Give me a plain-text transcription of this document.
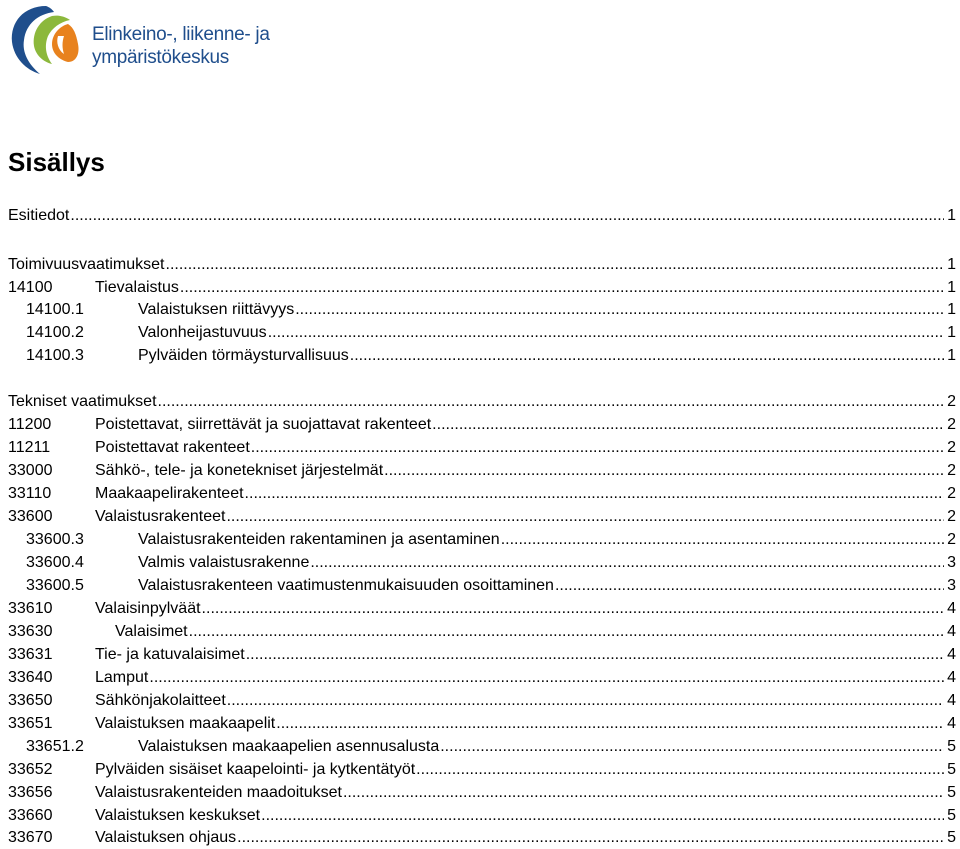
Elinkeino-, liikenne- ja
ympäristökeskus
Sisällys
Esitiedot .....	1
Toimivuusvaatimukset .....	1
14100	Tievalaistus .....	1
14100.1	Valaistuksen riittävyys .....	1
14100.2	Valonheijastuvuus .....	1
14100.3	Pylväiden törmäysturvallisuus .....	1
Tekniset vaatimukset .....	2
11200	Poistettavat, siirrettävät ja suojattavat rakenteet .....	2
11211	Poistettavat rakenteet .....	2
33000	Sähkö-, tele- ja konetekniset järjestelmät .....	2
33110	Maakaapelirakenteet .....	2
33600	Valaistusrakenteet .....	2
33600.3	Valaistusrakenteiden rakentaminen ja asentaminen .....	2
33600.4	Valmis valaistusrakenne .....	3
33600.5	Valaistusrakenteen vaatimustenmukaisuuden osoittaminen .....	3
33610	Valaisinpylväät .....	4
33630	Valaisimet .....	4
33631	Tie- ja katuvalaisimet .....	4
33640	Lamput .....	4
33650	Sähkönjakolaitteet .....	4
33651	Valaistuksen maakaapelit .....	4
33651.2	Valaistuksen maakaapelien asennusalusta .....	5
33652	Pylväiden sisäiset kaapelointi- ja kytkentätyöt .....	5
33656	Valaistusrakenteiden maadoitukset .....	5
33660	Valaistuksen keskukset .....	5
33670	Valaistuksen ohjaus .....	5
